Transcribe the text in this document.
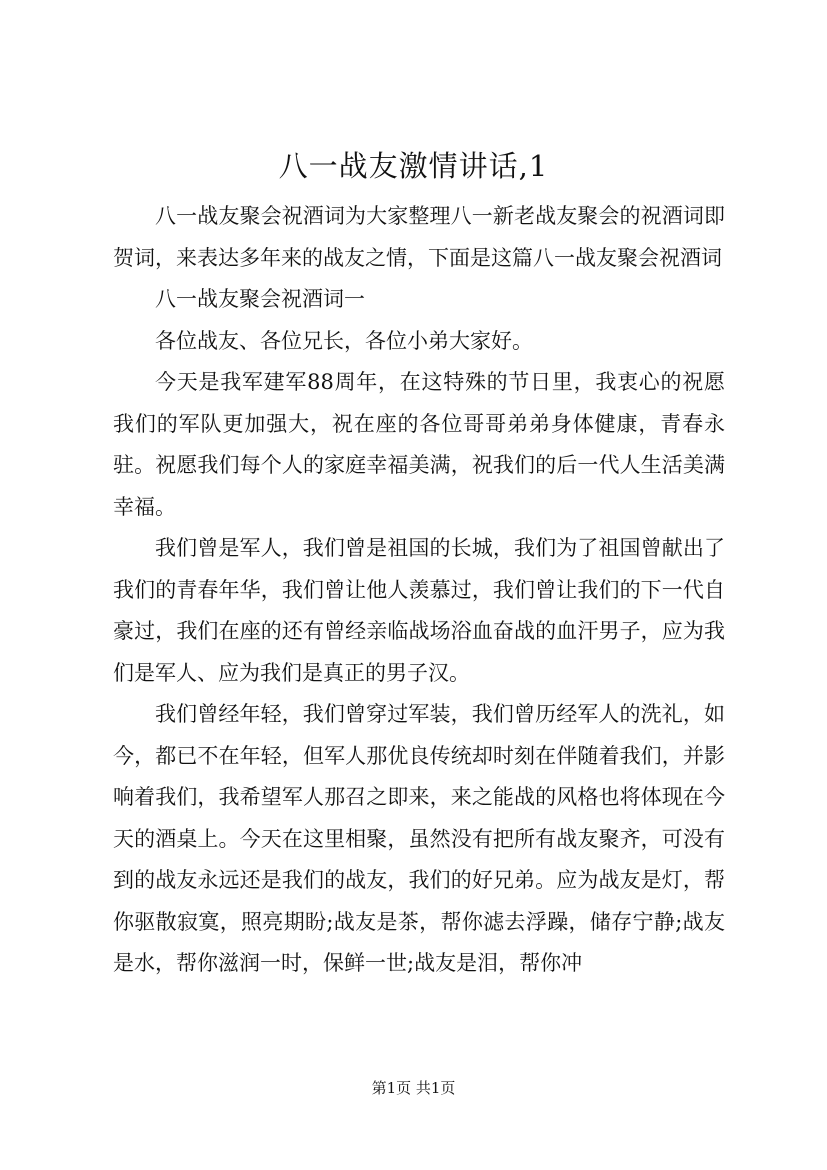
八一战友激情讲话,1

八一战友聚会祝酒词为大家整理八一新老战友聚会的祝酒词即贺词，来表达多年来的战友之情，下面是这篇八一战友聚会祝酒词

八一战友聚会祝酒词一

各位战友、各位兄长，各位小弟大家好。

今天是我军建军88周年，在这特殊的节日里，我衷心的祝愿我们的军队更加强大，祝在座的各位哥哥弟弟身体健康，青春永驻。祝愿我们每个人的家庭幸福美满，祝我们的后一代人生活美满幸福。

我们曾是军人，我们曾是祖国的长城，我们为了祖国曾献出了我们的青春年华，我们曾让他人羡慕过，我们曾让我们的下一代自豪过，我们在座的还有曾经亲临战场浴血奋战的血汗男子，应为我们是军人、应为我们是真正的男子汉。

我们曾经年轻，我们曾穿过军装，我们曾历经军人的洗礼，如今，都已不在年轻，但军人那优良传统却时刻在伴随着我们，并影响着我们，我希望军人那召之即来，来之能战的风格也将体现在今天的酒桌上。今天在这里相聚，虽然没有把所有战友聚齐，可没有到的战友永远还是我们的战友，我们的好兄弟。应为战友是灯，帮你驱散寂寞，照亮期盼;战友是茶，帮你滤去浮躁，储存宁静;战友是水，帮你滋润一时，保鲜一世;战友是泪，帮你冲

第1页 共1页
